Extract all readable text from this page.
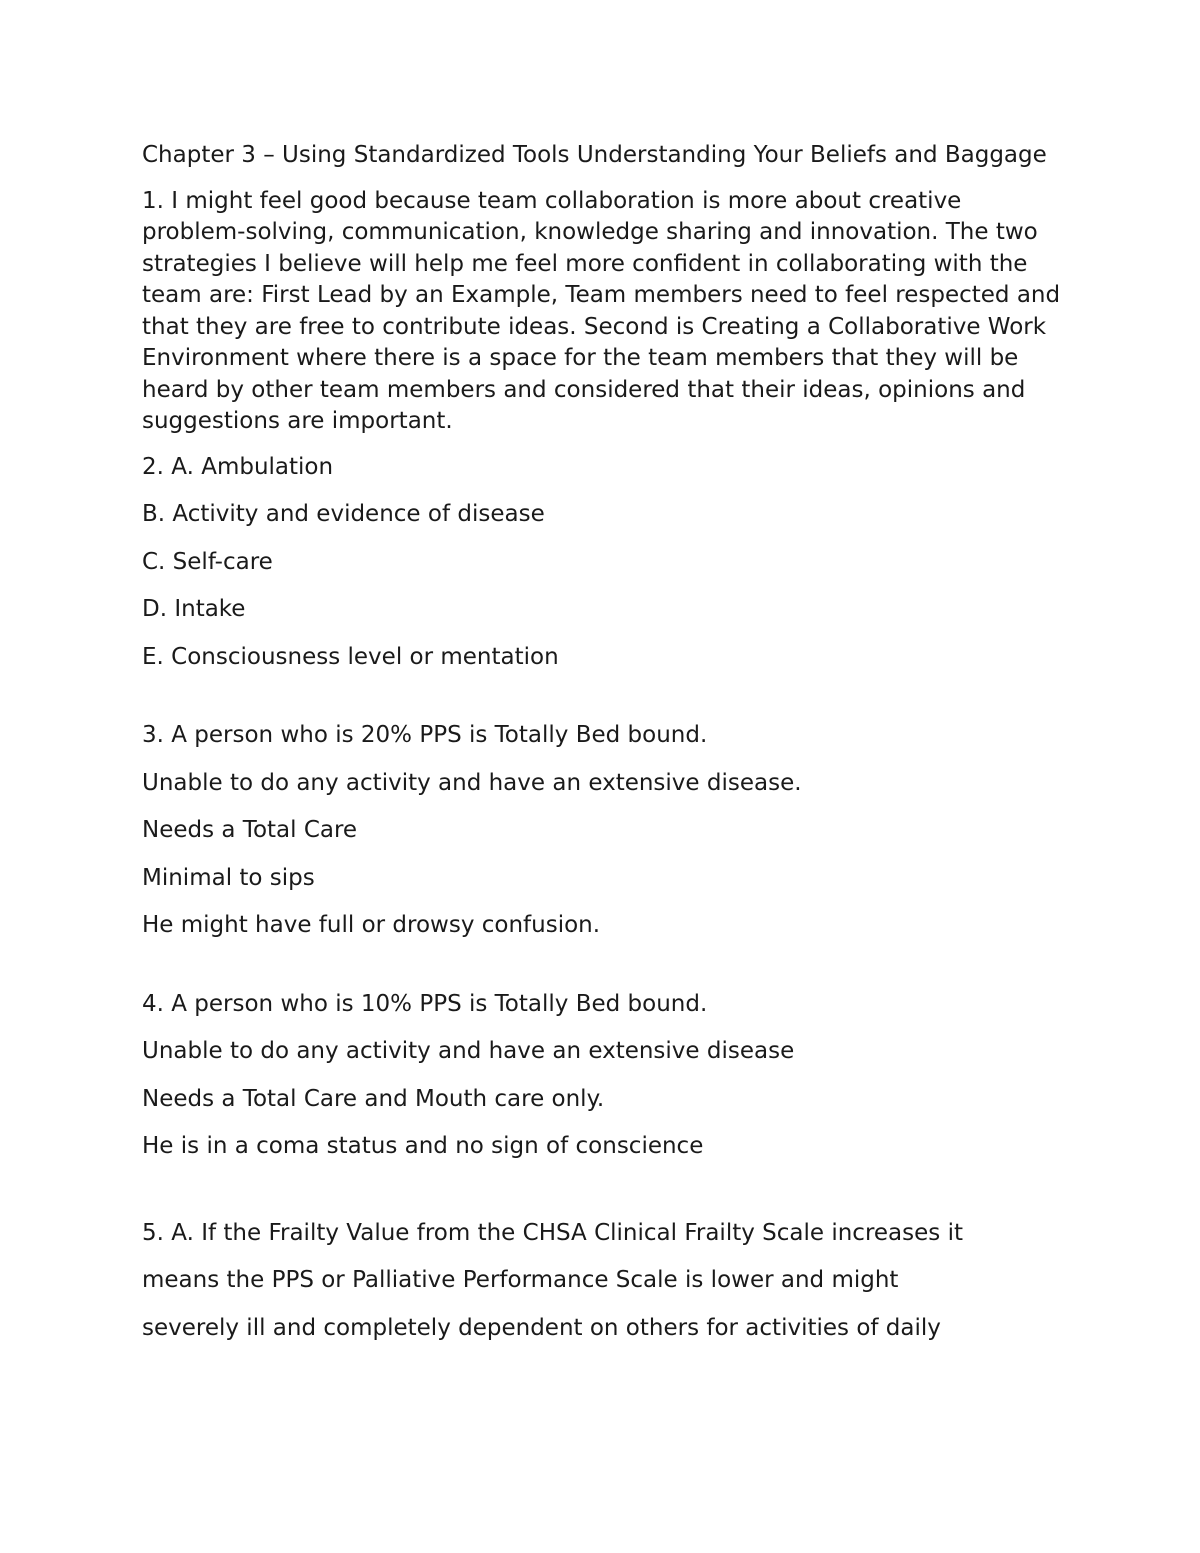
Chapter 3 – Using Standardized Tools Understanding Your Beliefs and Baggage

1. I might feel good because team collaboration is more about creative problem-solving, communication, knowledge sharing and innovation. The two strategies I believe will help me feel more confident in collaborating with the team are: First Lead by an Example, Team members need to feel respected and that they are free to contribute ideas. Second is Creating a Collaborative Work Environment where there is a space for the team members that they will be heard by other team members and considered that their ideas, opinions and suggestions are important.

2. A. Ambulation

B. Activity and evidence of disease

C. Self-care

D. Intake

E. Consciousness level or mentation

3. A person who is 20% PPS is Totally Bed bound.

Unable to do any activity and have an extensive disease.

Needs a Total Care

Minimal to sips

He might have full or drowsy confusion.

4. A person who is 10% PPS is Totally Bed bound.

Unable to do any activity and have an extensive disease

Needs a Total Care and Mouth care only.

He is in a coma status and no sign of conscience

5. A. If the Frailty Value from the CHSA Clinical Frailty Scale increases it

means the PPS or Palliative Performance Scale is lower and might

severely ill and completely dependent on others for activities of daily
